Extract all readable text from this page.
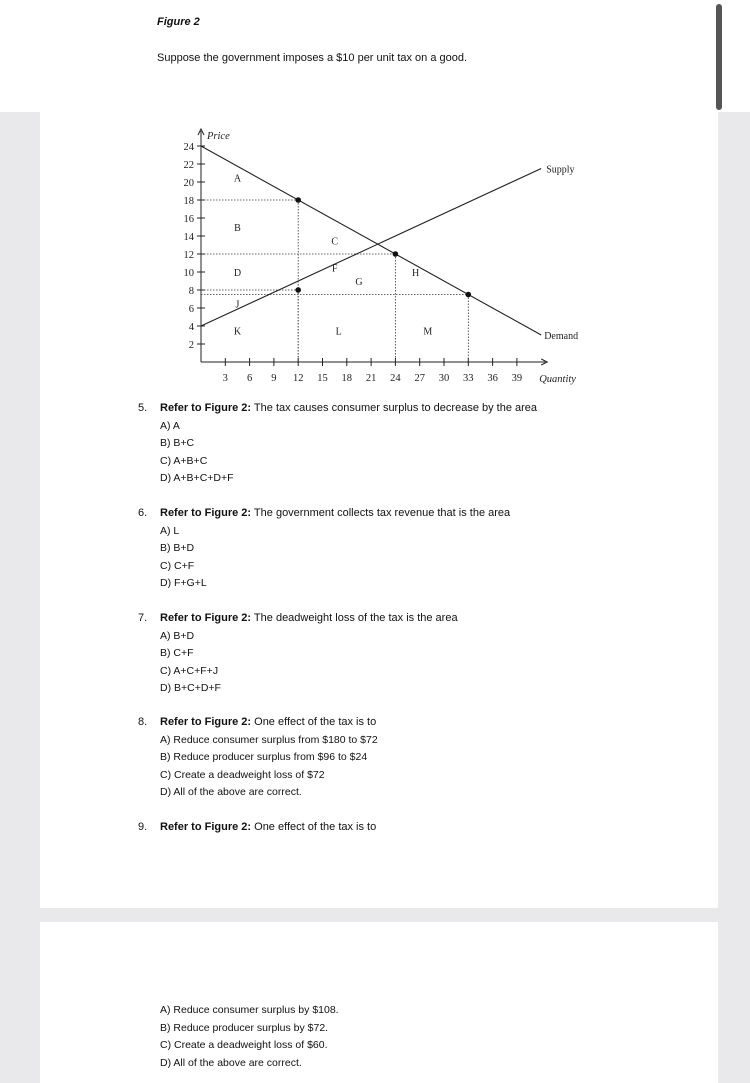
Figure 2
Suppose the government imposes a $10 per unit tax on a good.
2
4
6
8
10
12
14
16
18
20
22
24
3 6 9 12 15 18 21 24 27 30 33 36 39
Price
Quantity
Supply
Demand
A
B
C
D	F
G
H
J
K	L	M
5. Refer to Figure 2: The tax causes consumer surplus to decrease by the area
A) A
B) B+C
C) A+B+C
D) A+B+C+D+F
6. Refer to Figure 2: The government collects tax revenue that is the area
A) L
B) B+D
C) C+F
D) F+G+L
7. Refer to Figure 2: The deadweight loss of the tax is the area
A) B+D
B) C+F
C) A+C+F+J
D) B+C+D+F
8. Refer to Figure 2: One effect of the tax is to
A) Reduce consumer surplus from $180 to $72
B) Reduce producer surplus from $96 to $24
C) Create a deadweight loss of $72
D) All of the above are correct.
9. Refer to Figure 2: One effect of the tax is to
A) Reduce consumer surplus by $108.
B) Reduce producer surplus by $72.
C) Create a deadweight loss of $60.
D) All of the above are correct.
